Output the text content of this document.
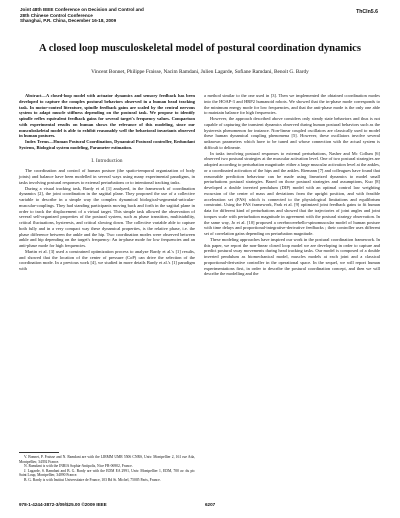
Joint 48th IEEE Conference on Decision and Control and
28th Chinese Control Conference
Shanghai, P.R. China, December 16-18, 2009
ThCIn5.6
A closed loop musculoskeletal model of postural coordination dynamics
Vincent Bonnet, Philippe Fraisse, Nacim Ramdani, Julien Lagarde, Sofiane Ramdani, Benoit G. Bardy

Abstract—A closed-loop model with actuator dynamics and sensory feedback has been developed to capture the complex postural behaviors observed in a human head tracking task. In motor-control literature, spindle feedback gains are scaled by the central nervous system to adapt muscle stiffness depending on the postural task. We propose to identify spindle reflex equivalent feedback gains for several target's frequency values. Comparison with experimental results on human shows the relevance of this modeling, since our musculoskeletal model is able to exhibit reasonably well the behavioral invariants observed in human postures.

Index Terms—Human Postural Coordination, Dynamical Postural controller, Redundant Systems, Biological system modeling, Parameter estimation.

I. Introduction

The coordination and control of human posture (the spatio-temporal organization of body joints) and balance have been modelled in several ways using many experimental paradigms, in tasks involving postural responses to external perturbations or to intentional tracking tasks.

During a visual tracking task, Bardy et al [1] analyzed, in the framework of coordination dynamics [2], the joint coordination in the sagittal plane. They proposed the use of a collective variable to describe in a simple way the complex dynamical biological-segmental-articular-muscular-couplings. They had standing participants moving back and forth in the sagittal plane in order to track the displacement of a virtual target. This simple task allowed the observation of several self-organized properties of the postural system, such as phase transition, multistability, critical fluctuations, hysteresis, and critical slowing down. The collective variable able to capture both fully and in a very compact way these dynamical properties, is the relative phase, i.e. the phase difference between the ankle and the hip. Two coordination modes were observed between ankle and hip depending on the target's frequency: An in-phase mode for low frequencies and an anti-phase mode for high frequencies.

Martin et al. [3] used a constrained optimization process to analyze Bardy et al.'s [1] results, and showed that the location of the center of pressure (CoP) can drive the selection of the coordination mode. In a previous work [4], we studied in more details Bardy et al.'s [1] paradigm with

V. Bonnet, P. Fraisse and N. Ramdani are with the LIRMM UMR 5506 CNRS, Univ. Montpellier 2, 161 rue Ada, Montpellier, 34392 France.

N. Ramdani is with the INRIA Sophia-Antipolis, Nice FR-06902, France.

J. Lagarde, S. Ramdani and B. G. Bardy are with the EDM EA 2991, Univ. Montpellier 1, EDM, 700 av. du pic Saint Loup, Montpellier, 34090 France.

B. G. Bardy is with Institut Universitaire de France, 103 Bd St. Michel, 75005 Paris, France.

a method similar to the one used in [3]. Then we implemented the obtained coordination modes into the HOAP-3 and HRP2 humanoid robots. We showed that the in-phase mode corresponds to the minimum energy mode for low frequencies, and that the anti-phase mode is the only one able to maintain balance for high frequencies.

However, the approach described above considers only steady state behaviors and thus is not capable of capturing the transient dynamics observed during human postural behaviors such as the hysteresis phenomenon for instance. Non-linear coupled oscillators are classically used to model these human dynamical coupling phenomena [5]. However, these oscillators involve several unknown parameters which have to be tuned and whose connection with the actual system is difficult to delineate.

In tasks involving postural responses to external perturbations, Nasher and Mc Collum [6] observed two postural strategies at the muscular activation level. One of two postural strategies are adopted according to perturbation magnitude: either a large muscular activation level at the ankles, or a coordinated activation of the hips and the ankles. Riemann [7] and colleagues have found that reasonable prediction behaviour can be made using linearized dynamics to model small perturbations postural strategies. Based on those postural strategies and assumptions, Kuo [8] developed a double inverted pendulum (DIP) model with an optimal control law weighting excursion of the center of mass and deviations from the upright position, and with feasible acceleration set (FAS) which is connected to the physiological limitations and equilibrium constraint. Using the FAS framework, Park et al. [9] optimized joint feedback gains to fit human data for different kind of perturbations and showed that the trajectories of joint angles and joint torques scale with perturbation magnitude in agreement with the postural strategy observation. In the same way, Jo et al. [10] proposed a cerebrocerebello-spinomuscular model of human posture with time delays and proportional-integrative-derivative feedbacks ; their controller uses different set of correlation gains depending on perturbation magnitude.

These modeling approaches have inspired our work in the postural coordination framework. In this paper, we report the non-linear closed loop model we are developing in order to capture and predict postural sway movements during head tracking tasks. Our model is composed of a double inverted pendulum as biomechanical model, muscles models at each joint and a classical proportional-derivative controller in the operational space. In the sequel, we will report human experimentations first, in order to describe the postural coordination concept, and then we will describe the modelling and the

978-1-4244-3872-3/09/$25.00 ©2009 IEEE	6207
